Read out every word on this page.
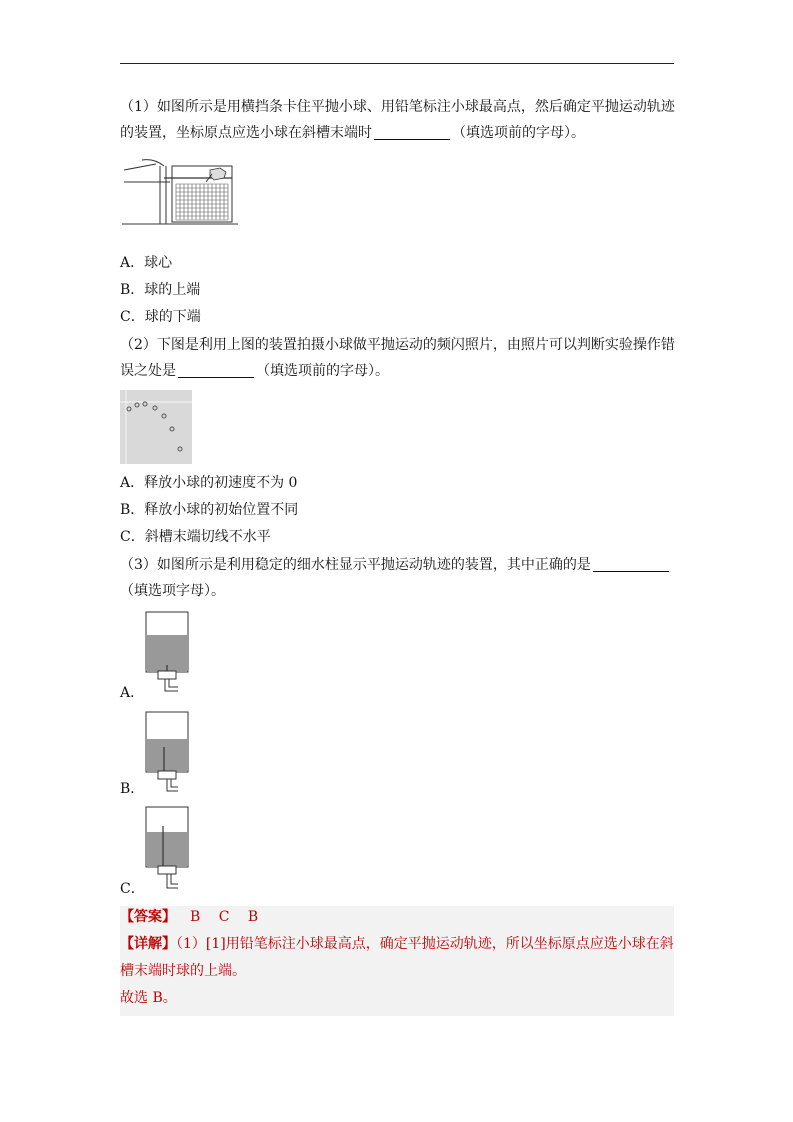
（1）如图所示是用横挡条卡住平抛小球、用铅笔标注小球最高点，然后确定平抛运动轨迹
的装置，坐标原点应选小球在斜槽末端时	（填选项前的字母）。
A．球心
B．球的上端
C．球的下端
（2）下图是利用上图的装置拍摄小球做平抛运动的频闪照片，由照片可以判断实验操作错
误之处是	（填选项前的字母）。
A．释放小球的初速度不为 0
B．释放小球的初始位置不同
C．斜槽末端切线不水平
（3）如图所示是利用稳定的细水柱显示平抛运动轨迹的装置，其中正确的是
（填选项字母）。
A．
B．
C．
【答案】 B　 C　 B
【详解】（1）[1]用铅笔标注小球最高点，确定平抛运动轨迹，所以坐标原点应选小球在斜
槽末端时球的上端。
故选 B。
